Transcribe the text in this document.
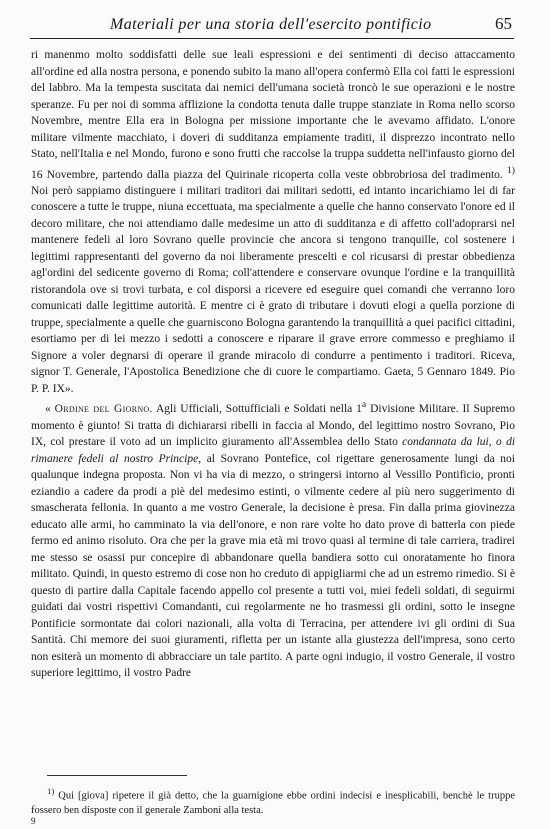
Materiali per una storia dell'esercito pontificio	65

ri manenmo molto soddisfatti delle sue leali espressioni e dei sentimenti di deciso attaccamento all'ordine ed alla nostra persona, e ponendo subito la mano all'opera confermò Ella coi fatti le espressioni del labbro. Ma la tempesta suscitata dai nemici dell'umana società troncò le sue operazioni e le nostre speranze. Fu per noi di somma afflizione la condotta tenuta dalle truppe stanziate in Roma nello scorso Novembre, mentre Ella era in Bologna per missione importante che le avevamo affidato. L'onore militare vilmente macchiato, i doveri di sudditanza empiamente traditi, il disprezzo incontrato nello Stato, nell'Italia e nel Mondo, furono e sono frutti che raccolse la truppa suddetta nell'infausto giorno del 16 Novembre, partendo dalla piazza del Quirinale ricoperta colla veste obbrobriosa del tradimento. $^{1)}$ Noi però sappiamo distinguere i militari traditori dai militari sedotti, ed intanto incarichiamo lei di far conoscere a tutte le truppe, niuna eccettuata, ma specialmente a quelle che hanno conservato l'onore ed il decoro militare, che noi attendiamo dalle medesime un atto di sudditanza e di affetto coll'adoprarsi nel mantenere fedeli al loro Sovrano quelle provincie che ancora si tengono tranquille, col sostenere i legittimi rappresentanti del governo da noi liberamente prescelti e col ricusarsi di prestar obbedienza agl'ordini del sedicente governo di Roma; coll'attendere e conservare ovunque l'ordine e la tranquillità ristorandola ove si trovi turbata, e col disporsi a ricevere ed eseguire quei comandi che verranno loro comunicati dalle legittime autorità. E mentre ci è grato di tributare i dovuti elogi a quella porzione di truppe, specialmente a quelle che guarniscono Bologna garantendo la tranquillità a quei pacifici cittadini, esortiamo per di lei mezzo i sedotti a conoscere e riparare il grave errore commesso e preghiamo il Signore a voler degnarsi di operare il grande miracolo di condurre a pentimento i traditori. Riceva, signor T. Generale, l'Apostolica Benedizione che di cuore le compartiamo. Gaeta, 5 Gennaro 1849. Pio P. P. IX».

« Ordine del Giorno. Agli Ufficiali, Sottufficiali e Soldati nella 1$^a$ Divisione Militare. Il Supremo momento è giunto! Si tratta di dichiararsi ribelli in faccia al Mondo, del legittimo nostro Sovrano, Pio IX, col prestare il voto ad un implicito giuramento all'Assemblea dello Stato condannata da lui, o di rimanere fedeli al nostro Principe, al Sovrano Pontefice, col rigettare generosamente lungi da noi qualunque indegna proposta. Non vi ha via di mezzo, o stringersi intorno al Vessillo Pontificio, pronti eziandio a cadere da prodi a piè del medesimo estinti, o vilmente cedere al più nero suggerimento di smascherata fellonia. In quanto a me vostro Generale, la decisione è presa. Fin dalla prima giovinezza educato alle armi, ho camminato la via dell'onore, e non rare volte ho dato prove di batterla con piede fermo ed animo risoluto. Ora che per la grave mia età mi trovo quasi al termine di tale carriera, tradirei me stesso se osassi pur concepire di abbandonare quella bandiera sotto cui onoratamente ho finora militato. Quindi, in questo estremo di cose non ho creduto di appigliarmi che ad un estremo rimedio. Si è questo di partire dalla Capitale facendo appello col presente a tutti voi, miei fedeli soldati, di seguirmi guidati dai vostri rispettivi Comandanti, cui regolarmente ne ho trasmessi gli ordini, sotto le insegne Pontificie sormontate dai colori nazionali, alla volta di Terracina, per attendere ivi gli ordini di Sua Santità. Chi memore dei suoi giuramenti, rifletta per un istante alla giustezza dell'impresa, sono certo non esiterà un momento di abbracciare un tale partito. A parte ogni indugio, il vostro Generale, il vostro superiore legittimo, il vostro Padre

$^{1)}$ Qui [giova] ripetere il già detto, che la guarnigione ebbe ordini indecisi e inesplicabili, benchè le truppe fossero ben disposte con il generale Zamboni alla testa.

9
